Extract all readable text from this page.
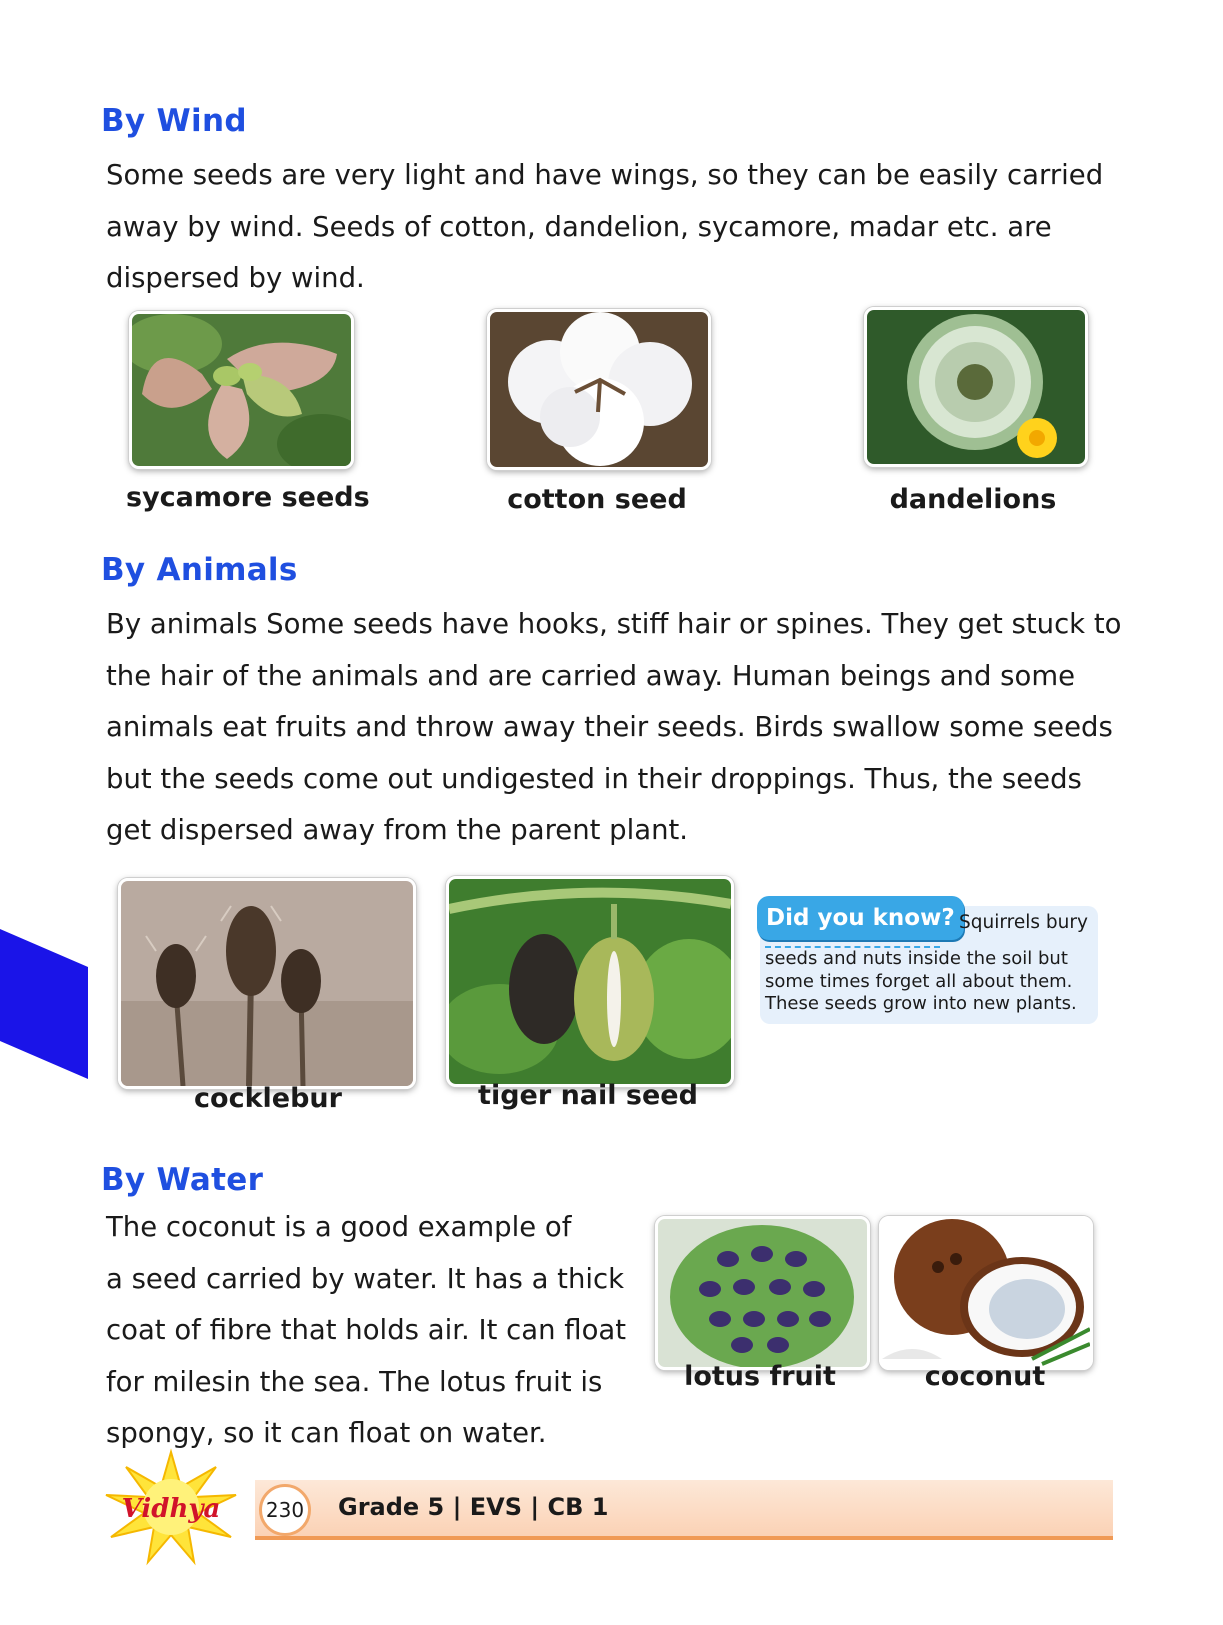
By Wind

Some seeds are very light and have wings, so they can be easily carried
away by wind. Seeds of cotton, dandelion, sycamore, madar etc. are
dispersed by wind.

sycamore seeds	cotton seed	dandelions

By Animals

By animals Some seeds have hooks, stiff hair or spines. They get stuck to
the hair of the animals and are carried away. Human beings and some
animals eat fruits and throw away their seeds. Birds swallow some seeds
but the seeds come out undigested in their droppings. Thus, the seeds
get dispersed away from the parent plant.

cocklebur	tiger nail seed

Did you know? Squirrels bury

seeds and nuts inside the soil but
some times forget all about them.
These seeds grow into new plants.

By Water

The coconut is a good example of
a seed carried by water. It has a thick
coat of fibre that holds air. It can float
for milesin the sea. The lotus fruit is
spongy, so it can float on water.

lotus fruit	coconut

230 Grade 5 | EVS | CB 1
Vidhya
